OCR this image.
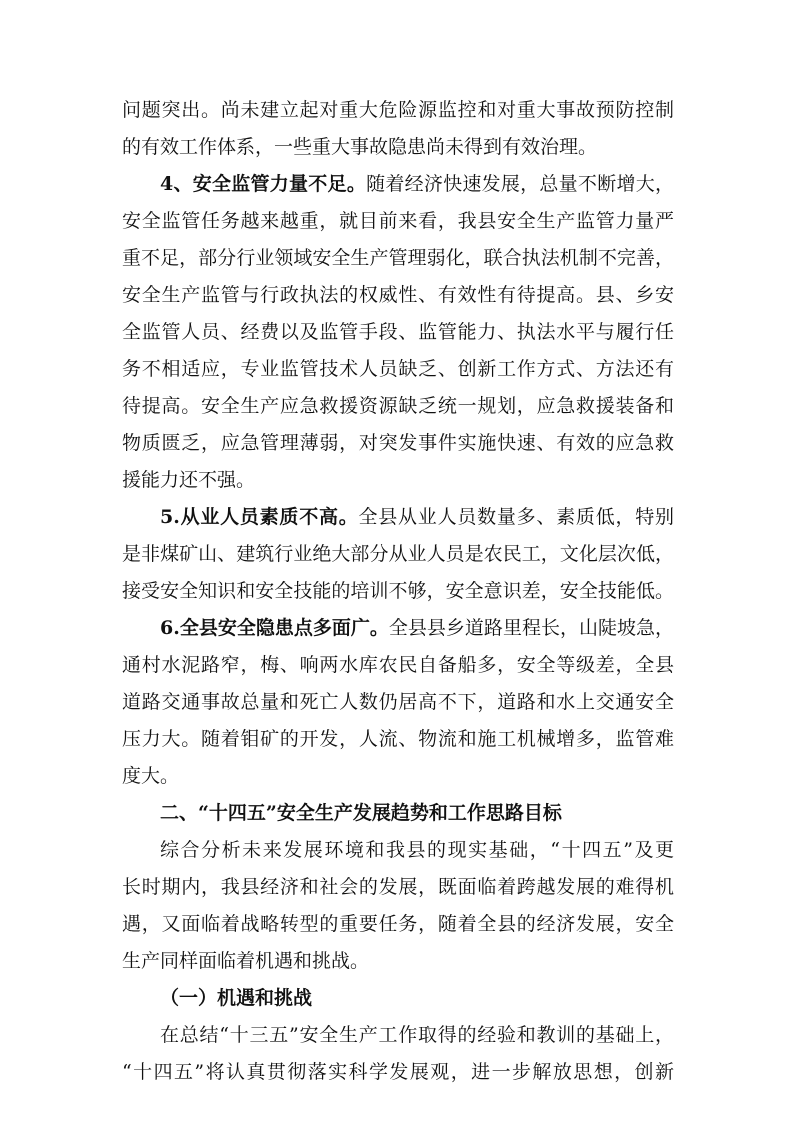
问题突出。尚未建立起对重大危险源监控和对重大事故预防控制
的有效工作体系，一些重大事故隐患尚未得到有效治理。
4、安全监管力量不足。随着经济快速发展，总量不断增大，
安全监管任务越来越重，就目前来看，我县安全生产监管力量严
重不足，部分行业领域安全生产管理弱化，联合执法机制不完善，
安全生产监管与行政执法的权威性、有效性有待提高。县、乡安
全监管人员、经费以及监管手段、监管能力、执法水平与履行任
务不相适应，专业监管技术人员缺乏、创新工作方式、方法还有
待提高。安全生产应急救援资源缺乏统一规划，应急救援装备和
物质匮乏，应急管理薄弱，对突发事件实施快速、有效的应急救
援能力还不强。
5.从业人员素质不高。全县从业人员数量多、素质低，特别
是非煤矿山、建筑行业绝大部分从业人员是农民工，文化层次低，
接受安全知识和安全技能的培训不够，安全意识差，安全技能低。
6.全县安全隐患点多面广。全县县乡道路里程长，山陡坡急，
通村水泥路窄，梅、响两水库农民自备船多，安全等级差，全县
道路交通事故总量和死亡人数仍居高不下，道路和水上交通安全
压力大。随着钼矿的开发，人流、物流和施工机械增多，监管难
度大。
二、“十四五”安全生产发展趋势和工作思路目标
综合分析未来发展环境和我县的现实基础，“十四五”及更
长时期内，我县经济和社会的发展，既面临着跨越发展的难得机
遇，又面临着战略转型的重要任务，随着全县的经济发展，安全
生产同样面临着机遇和挑战。
（一）机遇和挑战
在总结“十三五”安全生产工作取得的经验和教训的基础上，
“十四五”将认真贯彻落实科学发展观，进一步解放思想，创新
